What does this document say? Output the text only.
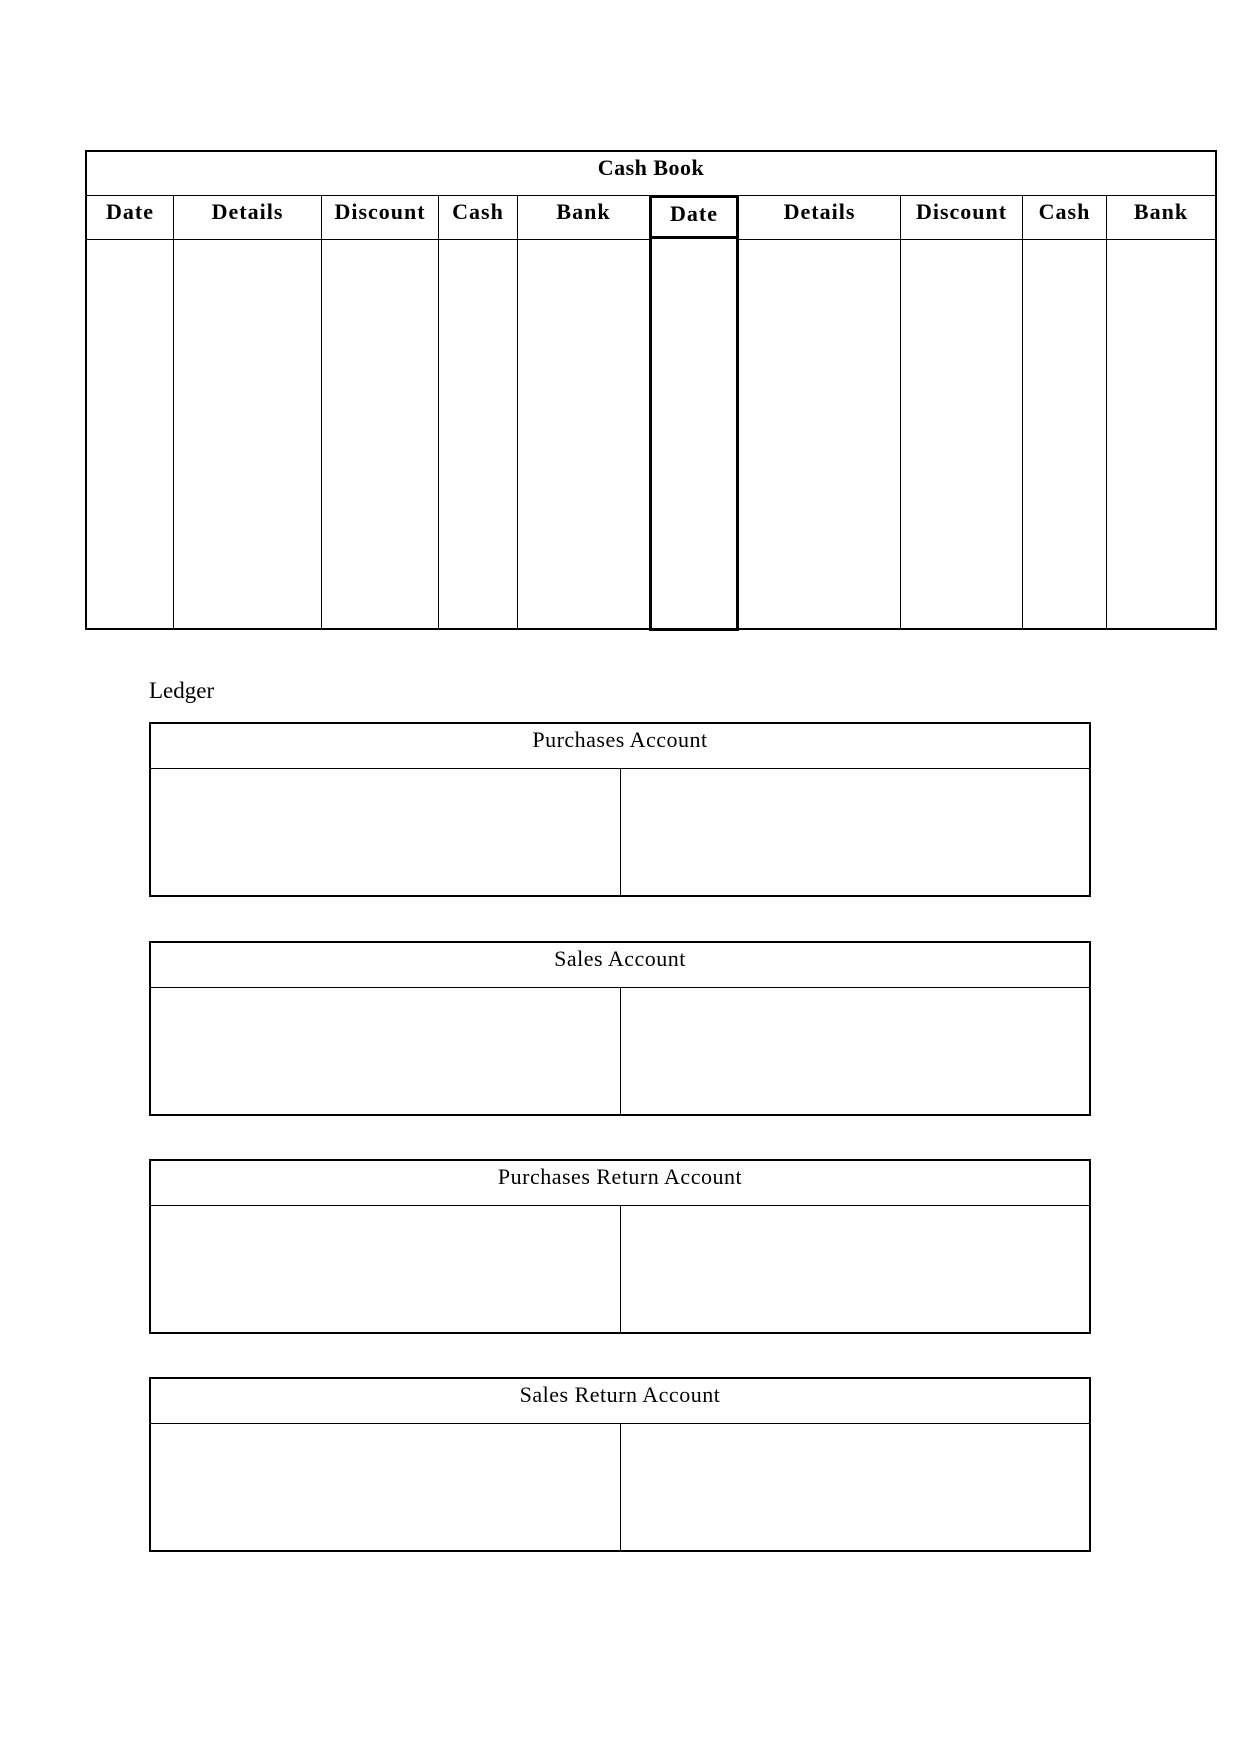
Cash Book
Date	Details	Discount	Cash	Bank	Date	Details	Discount	Cash	Bank
Ledger
Purchases Account
Sales Account
Purchases Return Account
Sales Return Account
